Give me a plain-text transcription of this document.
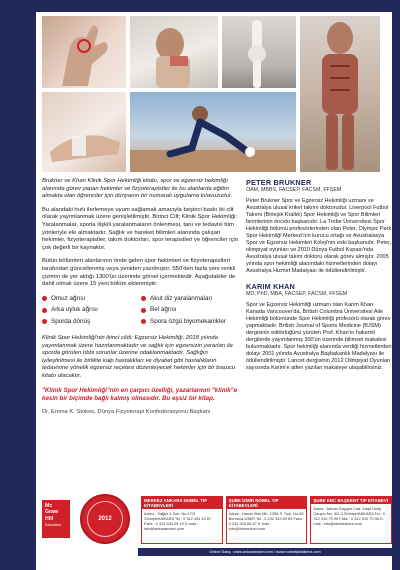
Brukner ve Khan Klinik Spor Hekimliği kitabı, spor ve egzersiz hekimliği alanında görev yapan hekimler ve fizyoterapistler ile bu alanlarda eğitim almakta olan öğrenciler için dünyanın bir numaralı uygulama kılavuzudur.

Bu alandaki hızlı ilerlemeye uyum sağlamak amacıyla beşinci baskı iki cilt olarak yayımlanmak üzere genişletilmiştir. Birinci Cilt; Klinik Spor Hekimliği: Yaralanmalar, sporla ilişkili yaralanmaların önlenmesi, tanı ve tedavisi tüm yönleriyle ele almaktadır. Sağlık ve hareket bilimleri alanında çalışan hekimler, fizyoterapistler, takım doktorları, spor terapistleri ve öğrenciler için çok değerli bir kaynaktır.

Bütün bölümleri alanlarının önde gelen spor hekimleri ve fizyoterapistleri tarafından güncellenmiş veya yeniden yazılmıştır. 550'den fazla yeni renkli çizimin de yer aldığı 1300'ün üzerinde görsel içermektedir. Aşağıdakiler de dahil olmak üzere 15 yeni bölüm eklenmiştir:

Omuz ağrısı
Arka uyluk ağrısı
Sporda dönüş
Akut diz yaralanmaları
Bel ağrısı
Spora özgü biyomekanikler

Klinik Spor Hekimliği'nin ikinci cildi: Egzersiz Hekimliği, 2018 yılında yayımlanmak üzere hazırlanmaktadır ve sağlık için egzersizin yararları ile sporda görülen tıbbi sorunlar üzerine odaklanmaktadır. Sağlığın iyileştirilmesi ile birlikte kalp hastalıkları ve diyabet gibi hastalıkların tedavisine yönelik egzersiz reçetesi düzenleyecek hekimler için bir başucu kitabı olacaktır.

"Klinik Spor Hekimliği"nin en çarpıcı özelliği, yazarlarının "klinik"e kesin bir biçimde bağlı kalmış olmasıdır. Bu eşsiz bir kitap.
Dr. Emma K. Stokes, Dünya Fizyoterapi Konfederasyonu Başkanı
PETER BRUKNER
OAM, MBBS, FACSEP, FACSM, FFSEM

Peter Brukner Spor ve Egzersiz Hekimliği uzmanı ve Avustralya ulusal kriket takımı doktorudur. Liverpool Futbol Takımı (Birleşik Krallık) Spor Hekimliği ve Spor Bilimleri birimlerinin önceki başkanıdır. La Trobe Üniversitesi Spor Hekimliği bölümü profesörlerinden olan Peter, Olympic Park Spor Hekimliği Merkezi'nin kurucu ortağı ve Avustralasya Spor ve Egzersiz Hekimleri Koleji'nin eski başkanıdır. Peter, olimpiyat oyunları ve 2010 Dünya Futbol Kupası'nda Avustralya ulusal takım doktoru olarak görev almıştır. 2005 yılında spor hekimliği alanındaki hizmetlerinden dolayı Avustralya Hizmet Madalyası ile ödüllendirilmiştir.

KARIM KHAN
MD, PhD, MBA, FACSEP, FACSM, FFSEM

Spor ve Egzersiz Hekimliği uzmanı olan Karim Khan Kanada Vancouver'da, British Columbia Üniversitesi Aile Hekimliği bölümünde Spor Hekimliği profesörü olarak görev yapmaktadır. British Journal of Sports Medicine (BJSM) dergisinin editörlüğünü yürüten Prof. Khan'ın hakemli dergilerde yayımlanmış 300'ün üzerinde bilimsel makalesi bulunmaktadır. Spor hekimliği alanında verdiği hizmetlerden dolayı 2001 yılında Avustralya Başbakanlık Madalyası ile ödüllendirilmiştir. Lancet dergisinin 2012 Olimpiyat Oyunları sayısında Karim'e atfen yazılan makaleye ulaşabilirsiniz.

Mc
Graw
Hill
Education
2012
MERKEZ ANKARA NOBEL TIP KİTABEVLERİ
Adres : Sağlık 2 Sok. No:17/3 Sıhhiye/ANKARA Tel : 0 312 434 10 87 Faks : 0 312 434 05 19 E-mail : info@ankaranobel.com
ŞUBE İZMİR NOBEL TIP KİTABEVLERİ
Adres : Hasım Bnk Mh. 1396 S. Sok. No:38 Bornova-İZMİR Tel : 0 232 343 69 69 Faks : 0 232 343 66 67 E-mail : info@izmirnobel.com
ŞUBE KBC BAŞKENT TIP KİTABEVİ
Adres : Adnan Saygun Cad. Kaşif Ünay Çarşısı No: 4/2-3 Sıhhiye/ANKARA Tel : 0 312 310 70 95 Faks : 0 312 310 70 96 E-mail : info@kbcbaskent.com
Online Satış : www.ankaranobel.com / www.nobeltipkitabevi.com
